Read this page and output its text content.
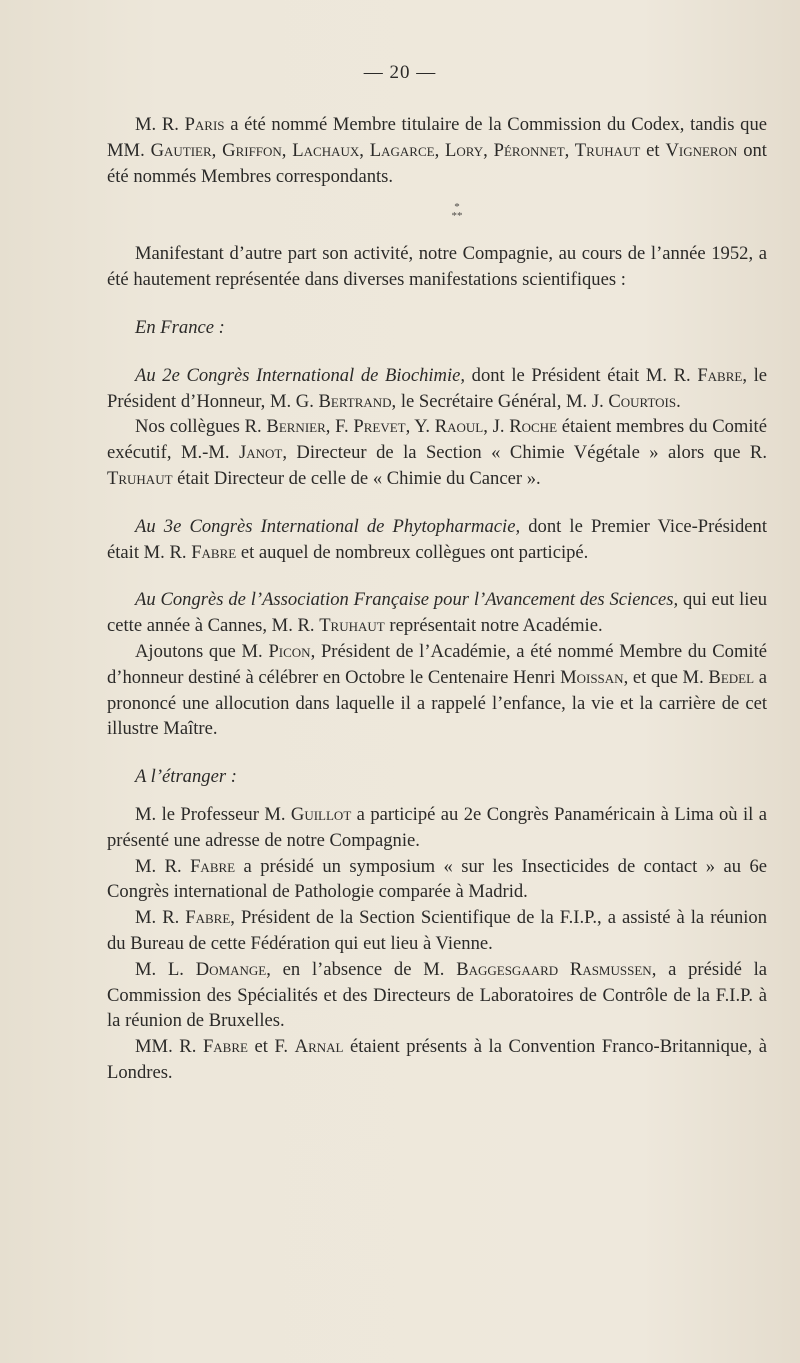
— 20 —

M. R. Paris a été nommé Membre titulaire de la Commission du Codex, tandis que MM. Gautier, Griffon, Lachaux, Lagarce, Lory, Péronnet, Truhaut et Vigneron ont été nommés Membres correspondants.

*
**

Manifestant d’autre part son activité, notre Compagnie, au cours de l’année 1952, a été hautement représentée dans diverses manifestations scientifiques :

En France :

Au 2e Congrès International de Biochimie, dont le Président était M. R. Fabre, le Président d’Honneur, M. G. Bertrand, le Secrétaire Général, M. J. Courtois.

Nos collègues R. Bernier, F. Prevet, Y. Raoul, J. Roche étaient membres du Comité exécutif, M.-M. Janot, Directeur de la Section « Chimie Végétale » alors que R. Truhaut était Directeur de celle de « Chimie du Cancer ».

Au 3e Congrès International de Phytopharmacie, dont le Premier Vice-Président était M. R. Fabre et auquel de nombreux collègues ont participé.

Au Congrès de l’Association Française pour l’Avancement des Sciences, qui eut lieu cette année à Cannes, M. R. Truhaut représentait notre Académie.

Ajoutons que M. Picon, Président de l’Académie, a été nommé Membre du Comité d’honneur destiné à célébrer en Octobre le Centenaire Henri Moissan, et que M. Bedel a prononcé une allocution dans laquelle il a rappelé l’enfance, la vie et la carrière de cet illustre Maître.

A l’étranger :

M. le Professeur M. Guillot a participé au 2e Congrès Panaméricain à Lima où il a présenté une adresse de notre Compagnie.

M. R. Fabre a présidé un symposium « sur les Insecticides de contact » au 6e Congrès international de Pathologie comparée à Madrid.

M. R. Fabre, Président de la Section Scientifique de la F.I.P., a assisté à la réunion du Bureau de cette Fédération qui eut lieu à Vienne.

M. L. Domange, en l’absence de M. Baggesgaard Rasmussen, a présidé la Commission des Spécialités et des Directeurs de Laboratoires de Contrôle de la F.I.P. à la réunion de Bruxelles.

MM. R. Fabre et F. Arnal étaient présents à la Convention Franco-Britannique, à Londres.
